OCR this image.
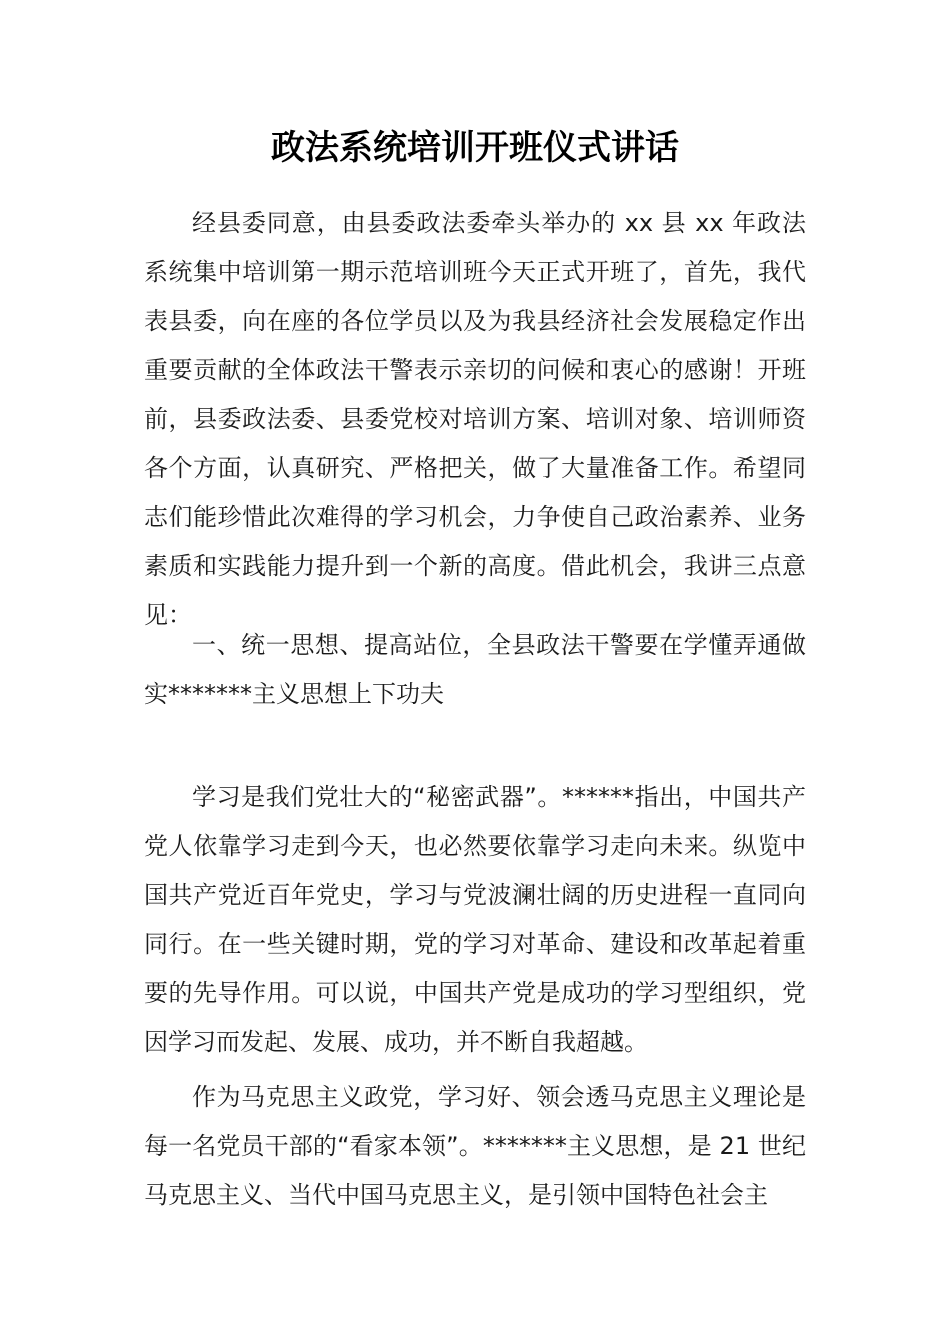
政法系统培训开班仪式讲话

经县委同意，由县委政法委牵头举办的 xx 县 xx 年政法系统集中培训第一期示范培训班今天正式开班了，首先，我代表县委，向在座的各位学员以及为我县经济社会发展稳定作出重要贡献的全体政法干警表示亲切的问候和衷心的感谢！开班前，县委政法委、县委党校对培训方案、培训对象、培训师资各个方面，认真研究、严格把关，做了大量准备工作。希望同志们能珍惜此次难得的学习机会，力争使自己政治素养、业务素质和实践能力提升到一个新的高度。借此机会，我讲三点意见：

一、统一思想、提高站位，全县政法干警要在学懂弄通做实*******主义思想上下功夫

学习是我们党壮大的“秘密武器”。******指出，中国共产党人依靠学习走到今天，也必然要依靠学习走向未来。纵览中国共产党近百年党史，学习与党波澜壮阔的历史进程一直同向同行。在一些关键时期，党的学习对革命、建设和改革起着重要的先导作用。可以说，中国共产党是成功的学习型组织，党因学习而发起、发展、成功，并不断自我超越。

作为马克思主义政党，学习好、领会透马克思主义理论是每一名党员干部的“看家本领”。*******主义思想，是 21 世纪马克思主义、当代中国马克思主义，是引领中国特色社会主
